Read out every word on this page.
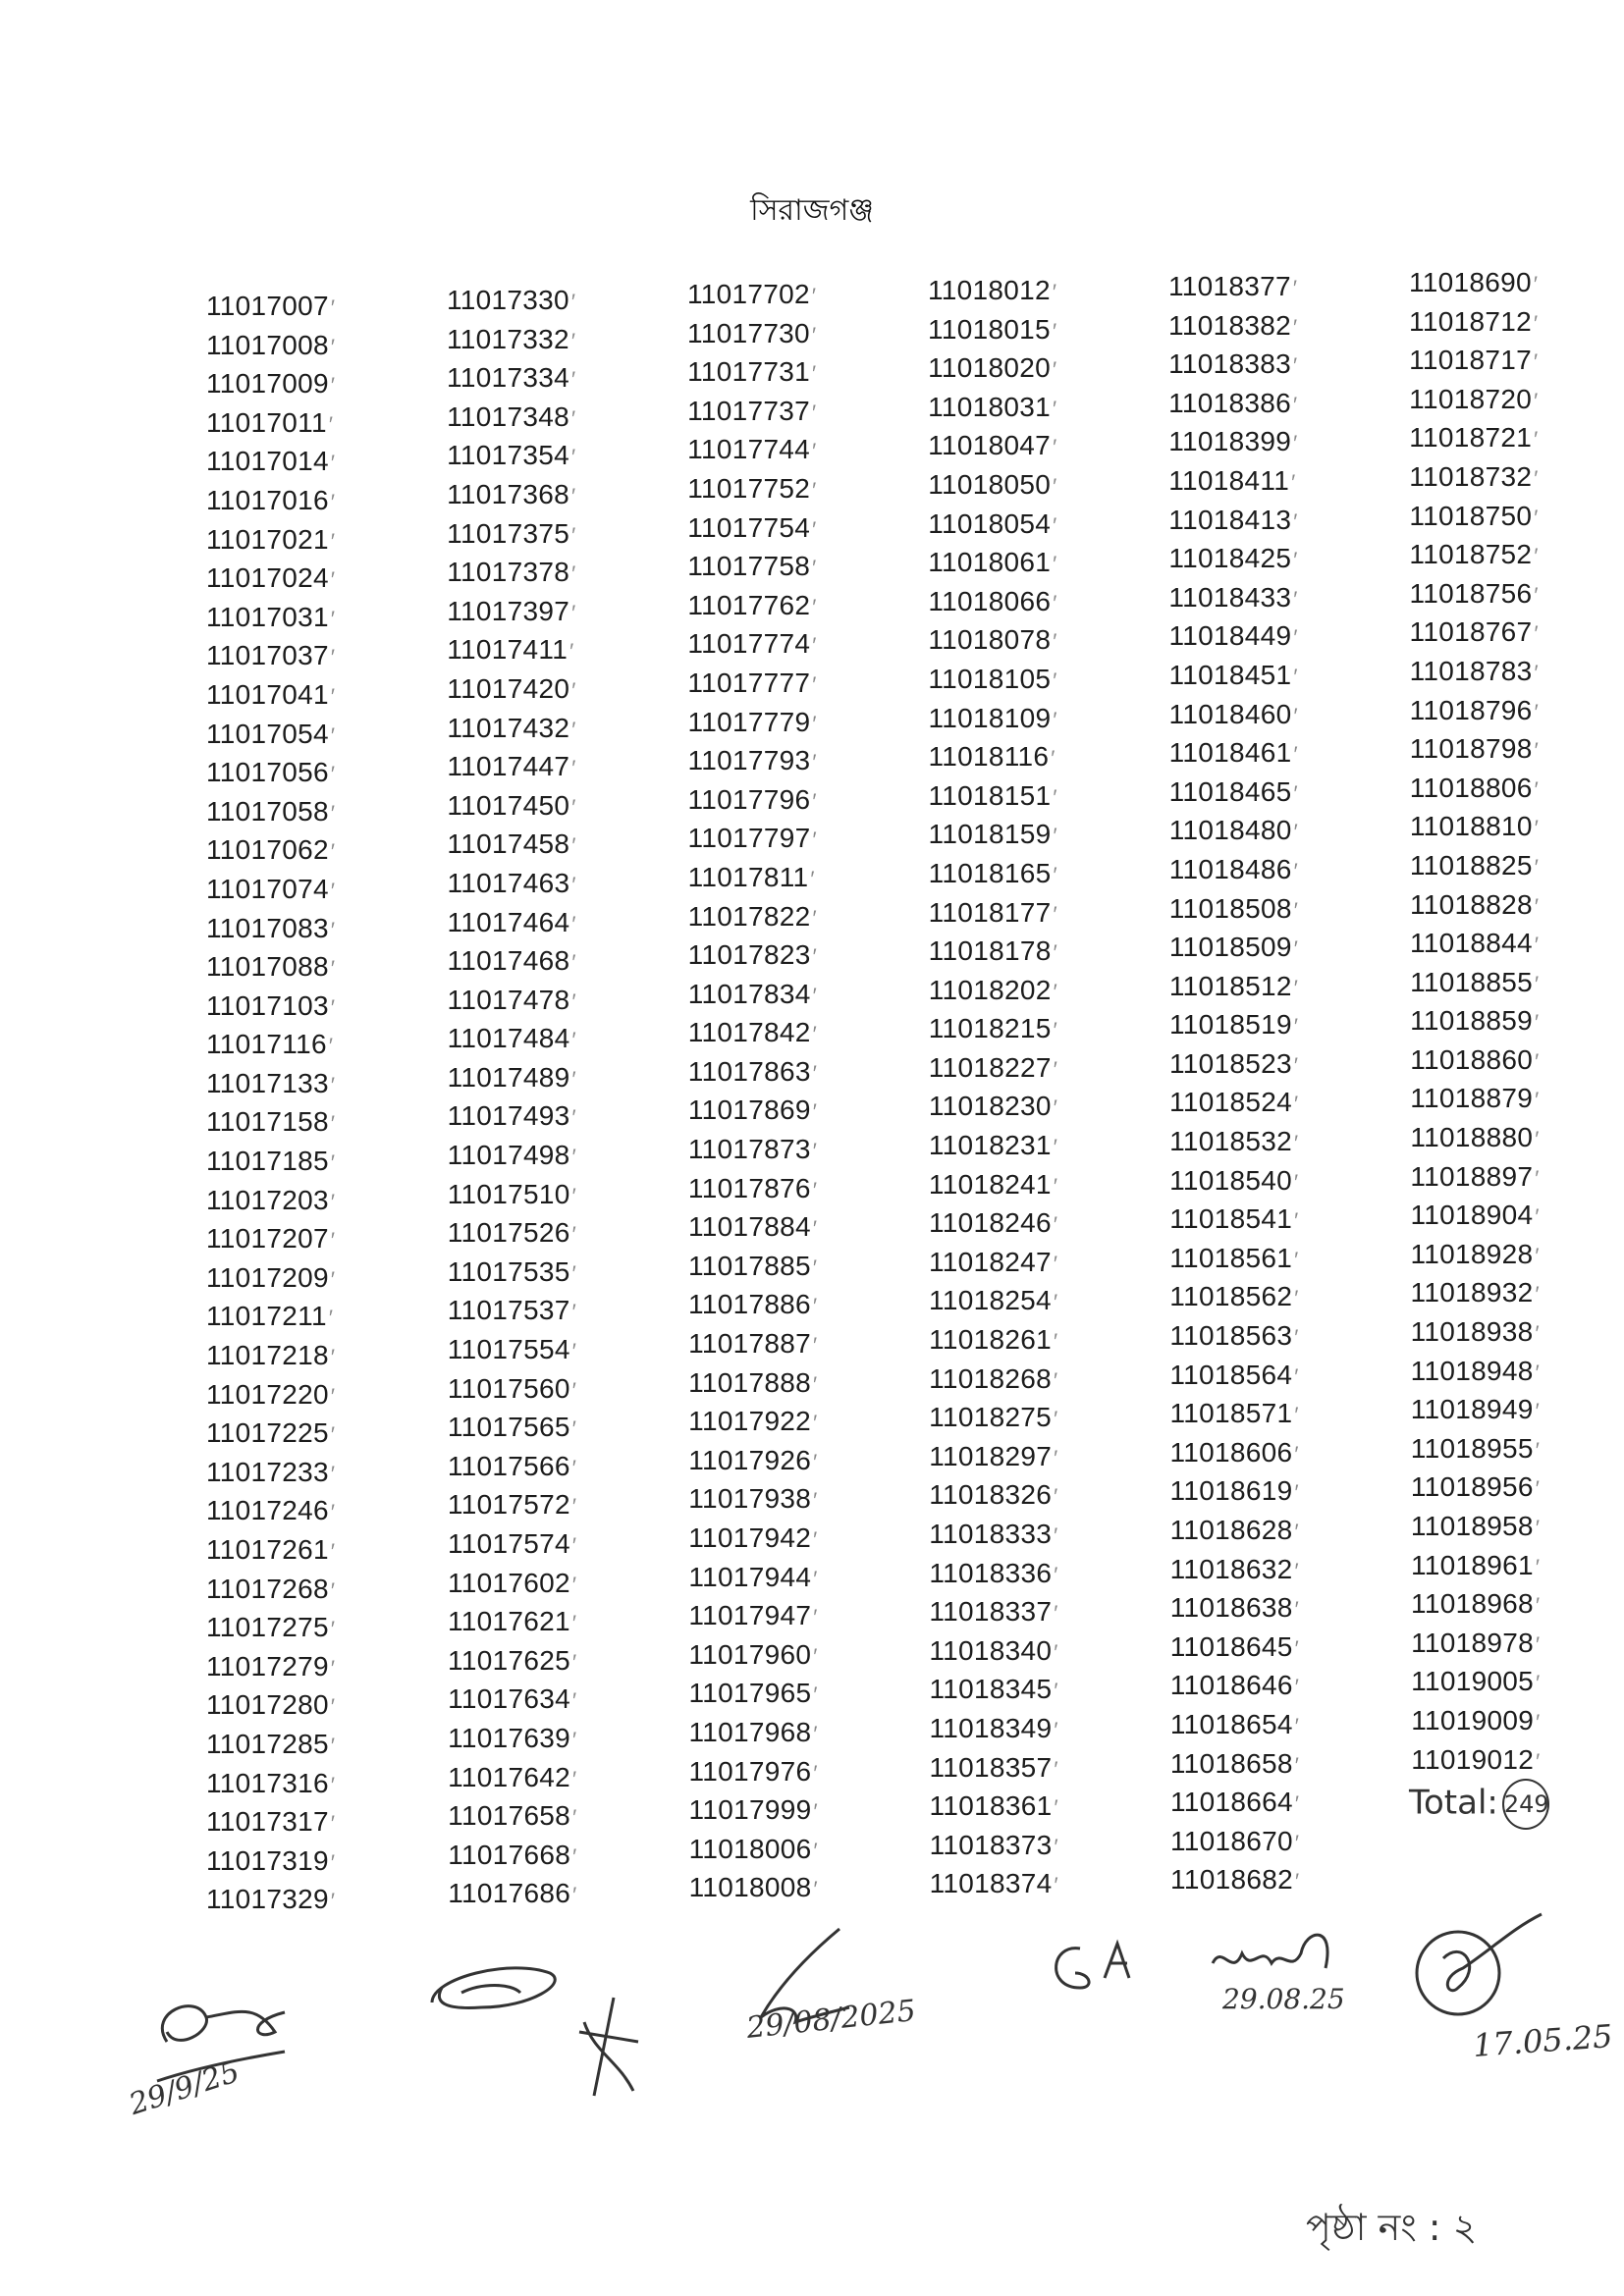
সিরাজগঞ্জ
11017007′
11017008′
11017009′
11017011′
11017014′
11017016′
11017021′
11017024′
11017031′
11017037′
11017041′
11017054′
11017056′
11017058′
11017062′
11017074′
11017083′
11017088′
11017103′
11017116′
11017133′
11017158′
11017185′
11017203′
11017207′
11017209′
11017211′
11017218′
11017220′
11017225′
11017233′
11017246′
11017261′
11017268′
11017275′
11017279′
11017280′
11017285′
11017316′
11017317′
11017319′
11017329′
11017330′
11017332′
11017334′
11017348′
11017354′
11017368′
11017375′
11017378′
11017397′
11017411′
11017420′
11017432′
11017447′
11017450′
11017458′
11017463′
11017464′
11017468′
11017478′
11017484′
11017489′
11017493′
11017498′
11017510′
11017526′
11017535′
11017537′
11017554′
11017560′
11017565′
11017566′
11017572′
11017574′
11017602′
11017621′
11017625′
11017634′
11017639′
11017642′
11017658′
11017668′
11017686′
11017702′
11017730′
11017731′
11017737′
11017744′
11017752′
11017754′
11017758′
11017762′
11017774′
11017777′
11017779′
11017793′
11017796′
11017797′
11017811′
11017822′
11017823′
11017834′
11017842′
11017863′
11017869′
11017873′
11017876′
11017884′
11017885′
11017886′
11017887′
11017888′
11017922′
11017926′
11017938′
11017942′
11017944′
11017947′
11017960′
11017965′
11017968′
11017976′
11017999′
11018006′
11018008′
11018012′
11018015′
11018020′
11018031′
11018047′
11018050′
11018054′
11018061′
11018066′
11018078′
11018105′
11018109′
11018116′
11018151′
11018159′
11018165′
11018177′
11018178′
11018202′
11018215′
11018227′
11018230′
11018231′
11018241′
11018246′
11018247′
11018254′
11018261′
11018268′
11018275′
11018297′
11018326′
11018333′
11018336′
11018337′
11018340′
11018345′
11018349′
11018357′
11018361′
11018373′
11018374′
11018377′
11018382′
11018383′
11018386′
11018399′
11018411′
11018413′
11018425′
11018433′
11018449′
11018451′
11018460′
11018461′
11018465′
11018480′
11018486′
11018508′
11018509′
11018512′
11018519′
11018523′
11018524′
11018532′
11018540′
11018541′
11018561′
11018562′
11018563′
11018564′
11018571′
11018606′
11018619′
11018628′
11018632′
11018638′
11018645′
11018646′
11018654′
11018658′
11018664′
11018670′
11018682′
11018690′
11018712′
11018717′
11018720′
11018721′
11018732′
11018750′
11018752′
11018756′
11018767′
11018783′
11018796′
11018798′
11018806′
11018810′
11018825′
11018828′
11018844′
11018855′
11018859′
11018860′
11018879′
11018880′
11018897′
11018904′
11018928′
11018932′
11018938′
11018948′
11018949′
11018955′
11018956′
11018958′
11018961′
11018968′
11018978′
11019005′
11019009′
11019012′
Total: 249
29/9/25
29/08/2025	29.08.25
17.05.25
পৃষ্ঠা নং : ২
